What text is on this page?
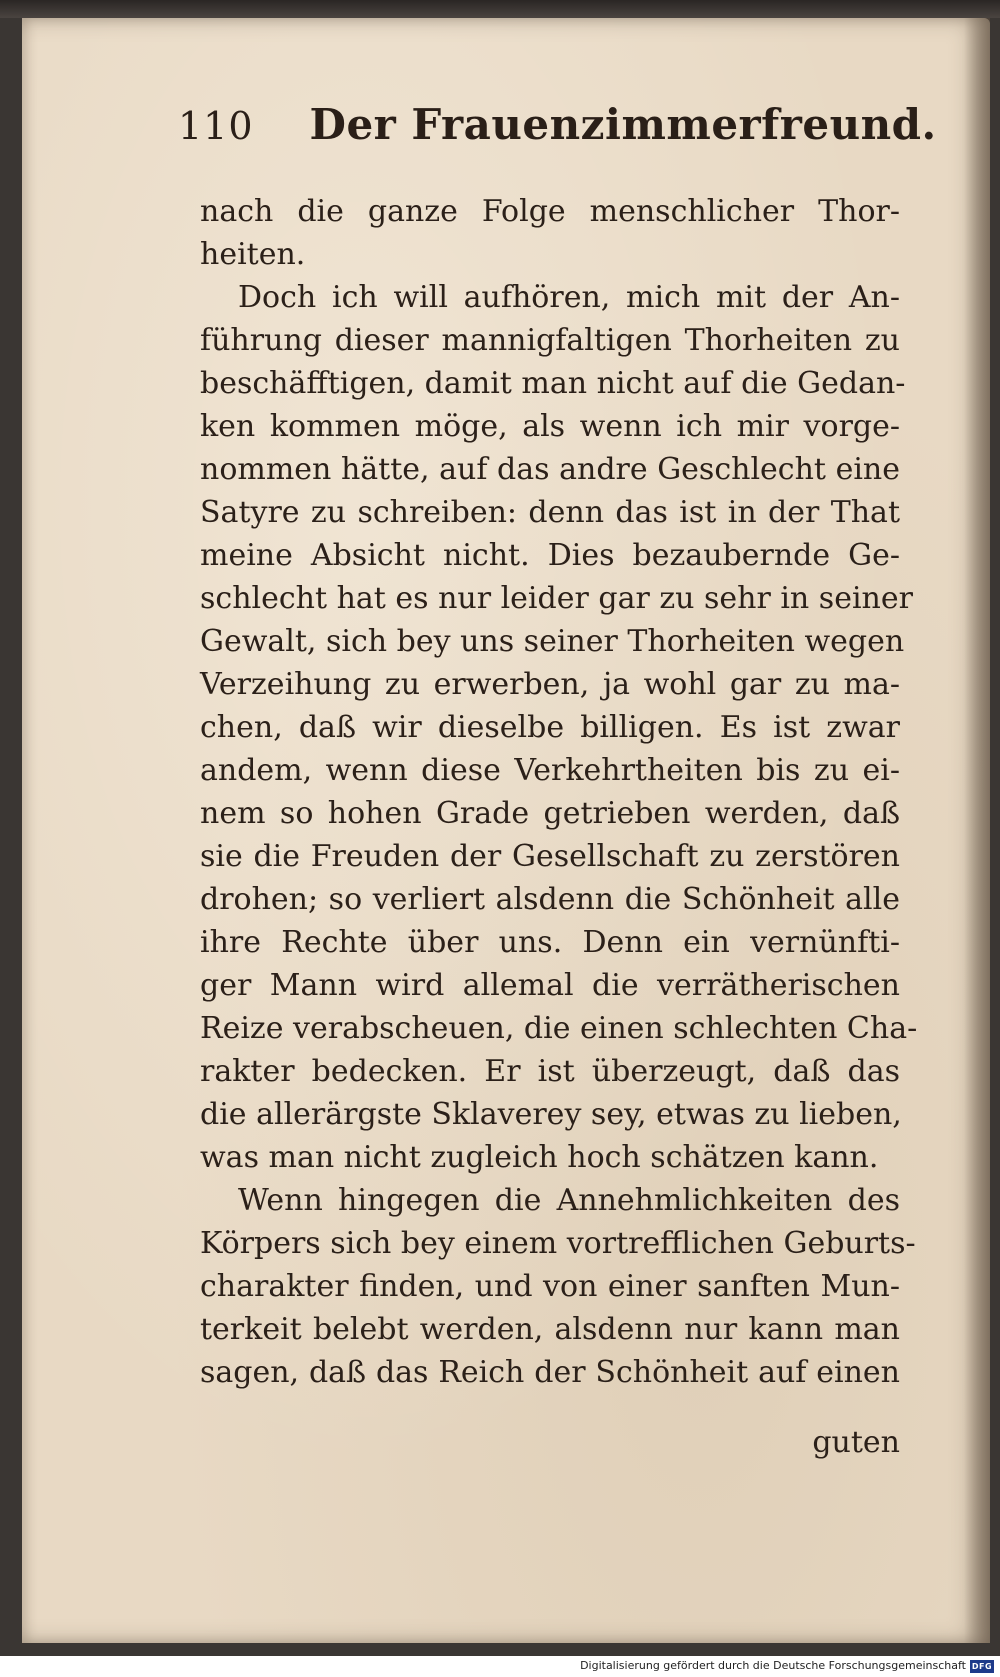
110 Der Frauenzimmerfreund.
nach die ganze Folge menschlicher Thor-
heiten.
Doch ich will aufhören, mich mit der An-
führung dieser mannigfaltigen Thorheiten zu
beschäfftigen, damit man nicht auf die Gedan-
ken kommen möge, als wenn ich mir vorge-
nommen hätte, auf das andre Geschlecht eine
Satyre zu schreiben: denn das ist in der That
meine Absicht nicht. Dies bezaubernde Ge-
schlecht hat es nur leider gar zu sehr in seiner
Gewalt, sich bey uns seiner Thorheiten wegen
Verzeihung zu erwerben, ja wohl gar zu ma-
chen, daß wir dieselbe billigen. Es ist zwar
andem, wenn diese Verkehrtheiten bis zu ei-
nem so hohen Grade getrieben werden, daß
sie die Freuden der Gesellschaft zu zerstören
drohen; so verliert alsdenn die Schönheit alle
ihre Rechte über uns. Denn ein vernünfti-
ger Mann wird allemal die verrätherischen
Reize verabscheuen, die einen schlechten Cha-
rakter bedecken. Er ist überzeugt, daß das
die allerärgste Sklaverey sey, etwas zu lieben,
was man nicht zugleich hoch schätzen kann.
Wenn hingegen die Annehmlichkeiten des
Körpers sich bey einem vortrefflichen Geburts-
charakter finden, und von einer sanften Mun-
terkeit belebt werden, alsdenn nur kann man
sagen, daß das Reich der Schönheit auf einen
guten
Digitalisierung gefördert durch die Deutsche Forschungsgemeinschaft DFG
